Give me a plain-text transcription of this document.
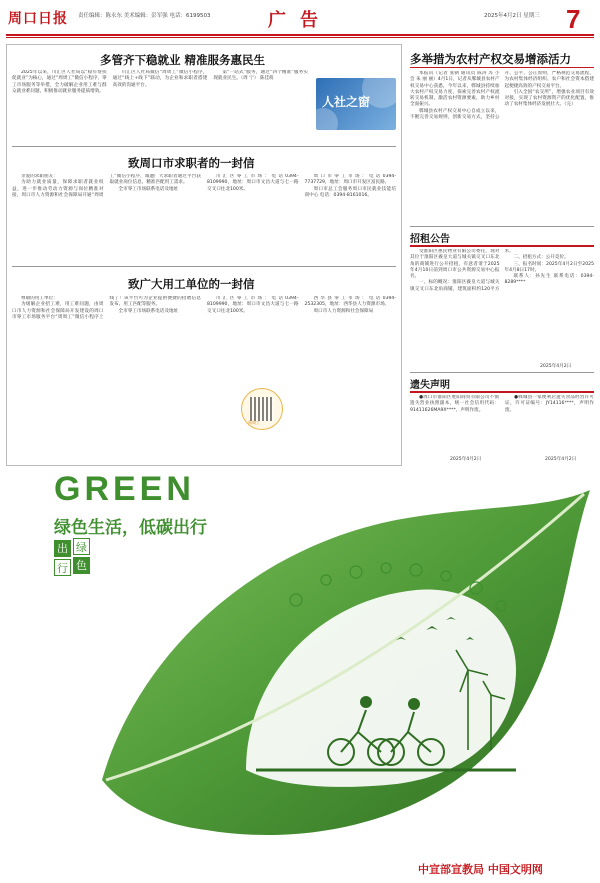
周口日报 责任编辑：陈永东 美术编辑：彭军强 电话：6199503	广告	2025年4月2日 星期三 7
多管齐下稳就业 精准服务惠民生

2025年以来，川汇区人社局以“稳有帮扶促就业”为核心，通过“周周工”微信小程序、零工市场服务等举措，全力破解企业用工难与群众就业难问题，积极推动就业服务提质增效。

川汇区人社局微信“周周工”微信小程序，通过“线上+线下”联动，为企业和求职者搭建高效的沟通平台。

第“一站式”服务，通过“四个精准”服务实现就业民生。（周 宁） 陈佳萌

人社之窗
致周口市求职者的一封信

亲爱的求职朋友：

为助力就业质量，保障求职者就业权益，进一步推动劳动力资源与岗位精准对接，周口市人力资源和社会保障局开通“周周工”微信小程序，诚邀广大求职者通过平台获取就业岗位信息，精准匹配用工需求。

全市零工市场联系电话及地址

川汇区零工市场：电话0394-8109990，地址：周口市文昌大道与七一路交叉口往北100米。

周口市零工市场：电话0394-7737729，地址：周口市开发区富民路。

周口市总工会服务周口市民就业技能培训中心 电话：0394-8161016。

致广大用工单位的一封信

尊敬的用工单位：

为缓解企业招工难，用工难问题，由周口市人力资源和社会保障局开发建设的周口市零工市场服务平台“周周工”微信小程序上线了！该平台可为企业提供便捷的招聘信息发布、用工匹配等服务。

全市零工市场联系电话及地址

川汇区零工市场：电话0394-8109990，地址：周口市文昌大道与七一路交叉口往北100米。

西华县零工市场：电话0394-2532305，地址：西华县人力资源市场。

周口市人力资源和社会保障局

周周工
多举措为农村产权交易增添活力

本报讯（记者 张朝 通讯员 陈涛 苏 小 会 朱 丽 丽）4月1日，记者从郸城县农村产权交易中心获悉，今年以来，郸城县持续加大农村产权交易力度，探索完善农村产权流转交易机制，激活农村资源要素，助力乡村全面振兴。

郸城县农村产权交易中心自成立以来，不断完善交易规则，创新交易方式，坚持公开、公平、公正原则，严格规范交易流程，为农村集体经济组织、农户和社会资本搭建起便捷高效的产权交易平台。

引入全国“农交所”，增强农业项目有效对接，实现了农村资源资产的优化配置，推动了农村集体经济发展壮大。（完）

招租公告

受淮阳区惠民物业有限公司委托，现对其位于淮阳区羲皇大道与城关镇交叉口东北角的商铺进行公开招租，有意者请于2025年4月10日前到周口市公共资源交易中心报名。

一、标的概况：淮阳区羲皇大道与城关镇交叉口东北角商铺，建筑面积约120平方米。

二、招租方式：公开竞价。

三、报名时间：2025年4月2日至2025年4月8日17时。

联系人：孙先生 联系电话：0394-8289****

2025年4月2日
遗失声明

●周口市淮阳区胜阳商贸有限公司不慎遗失营业执照副本，统一社会信用代码：91411626MA9X****，声明作废。

●郸城县一家便利店遗失食品经营许可证，许可证编号：JY14116****，声明作废。

2025年4月2日	2025年4月2日
GREEN
绿色生活，低碳出行
出 绿
行 色
中宣部宣教局 中国文明网
